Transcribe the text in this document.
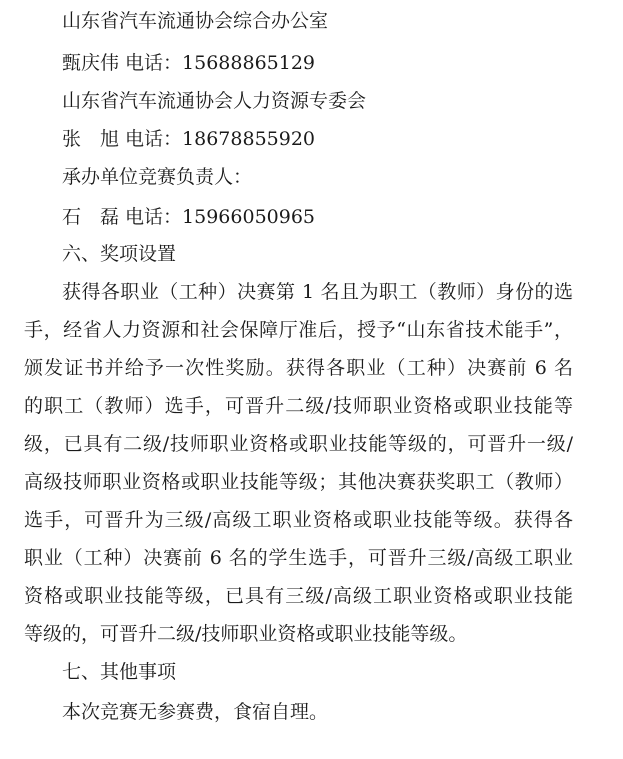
山东省汽车流通协会综合办公室
甄庆伟 电话：15688865129
山东省汽车流通协会人力资源专委会
张　旭 电话：18678855920
承办单位竞赛负责人：
石　磊 电话：15966050965
六、奖项设置
获得各职业（工种）决赛第 1 名且为职工（教师）身份的选
手，经省人力资源和社会保障厅准后，授予“山东省技术能手”，
颁发证书并给予一次性奖励。获得各职业（工种）决赛前 6 名
的职工（教师）选手，可晋升二级/技师职业资格或职业技能等
级，已具有二级/技师职业资格或职业技能等级的，可晋升一级/
高级技师职业资格或职业技能等级；其他决赛获奖职工（教师）
选手，可晋升为三级/高级工职业资格或职业技能等级。获得各
职业（工种）决赛前 6 名的学生选手，可晋升三级/高级工职业
资格或职业技能等级，已具有三级/高级工职业资格或职业技能
等级的，可晋升二级/技师职业资格或职业技能等级。
七、其他事项
本次竞赛无参赛费，食宿自理。
